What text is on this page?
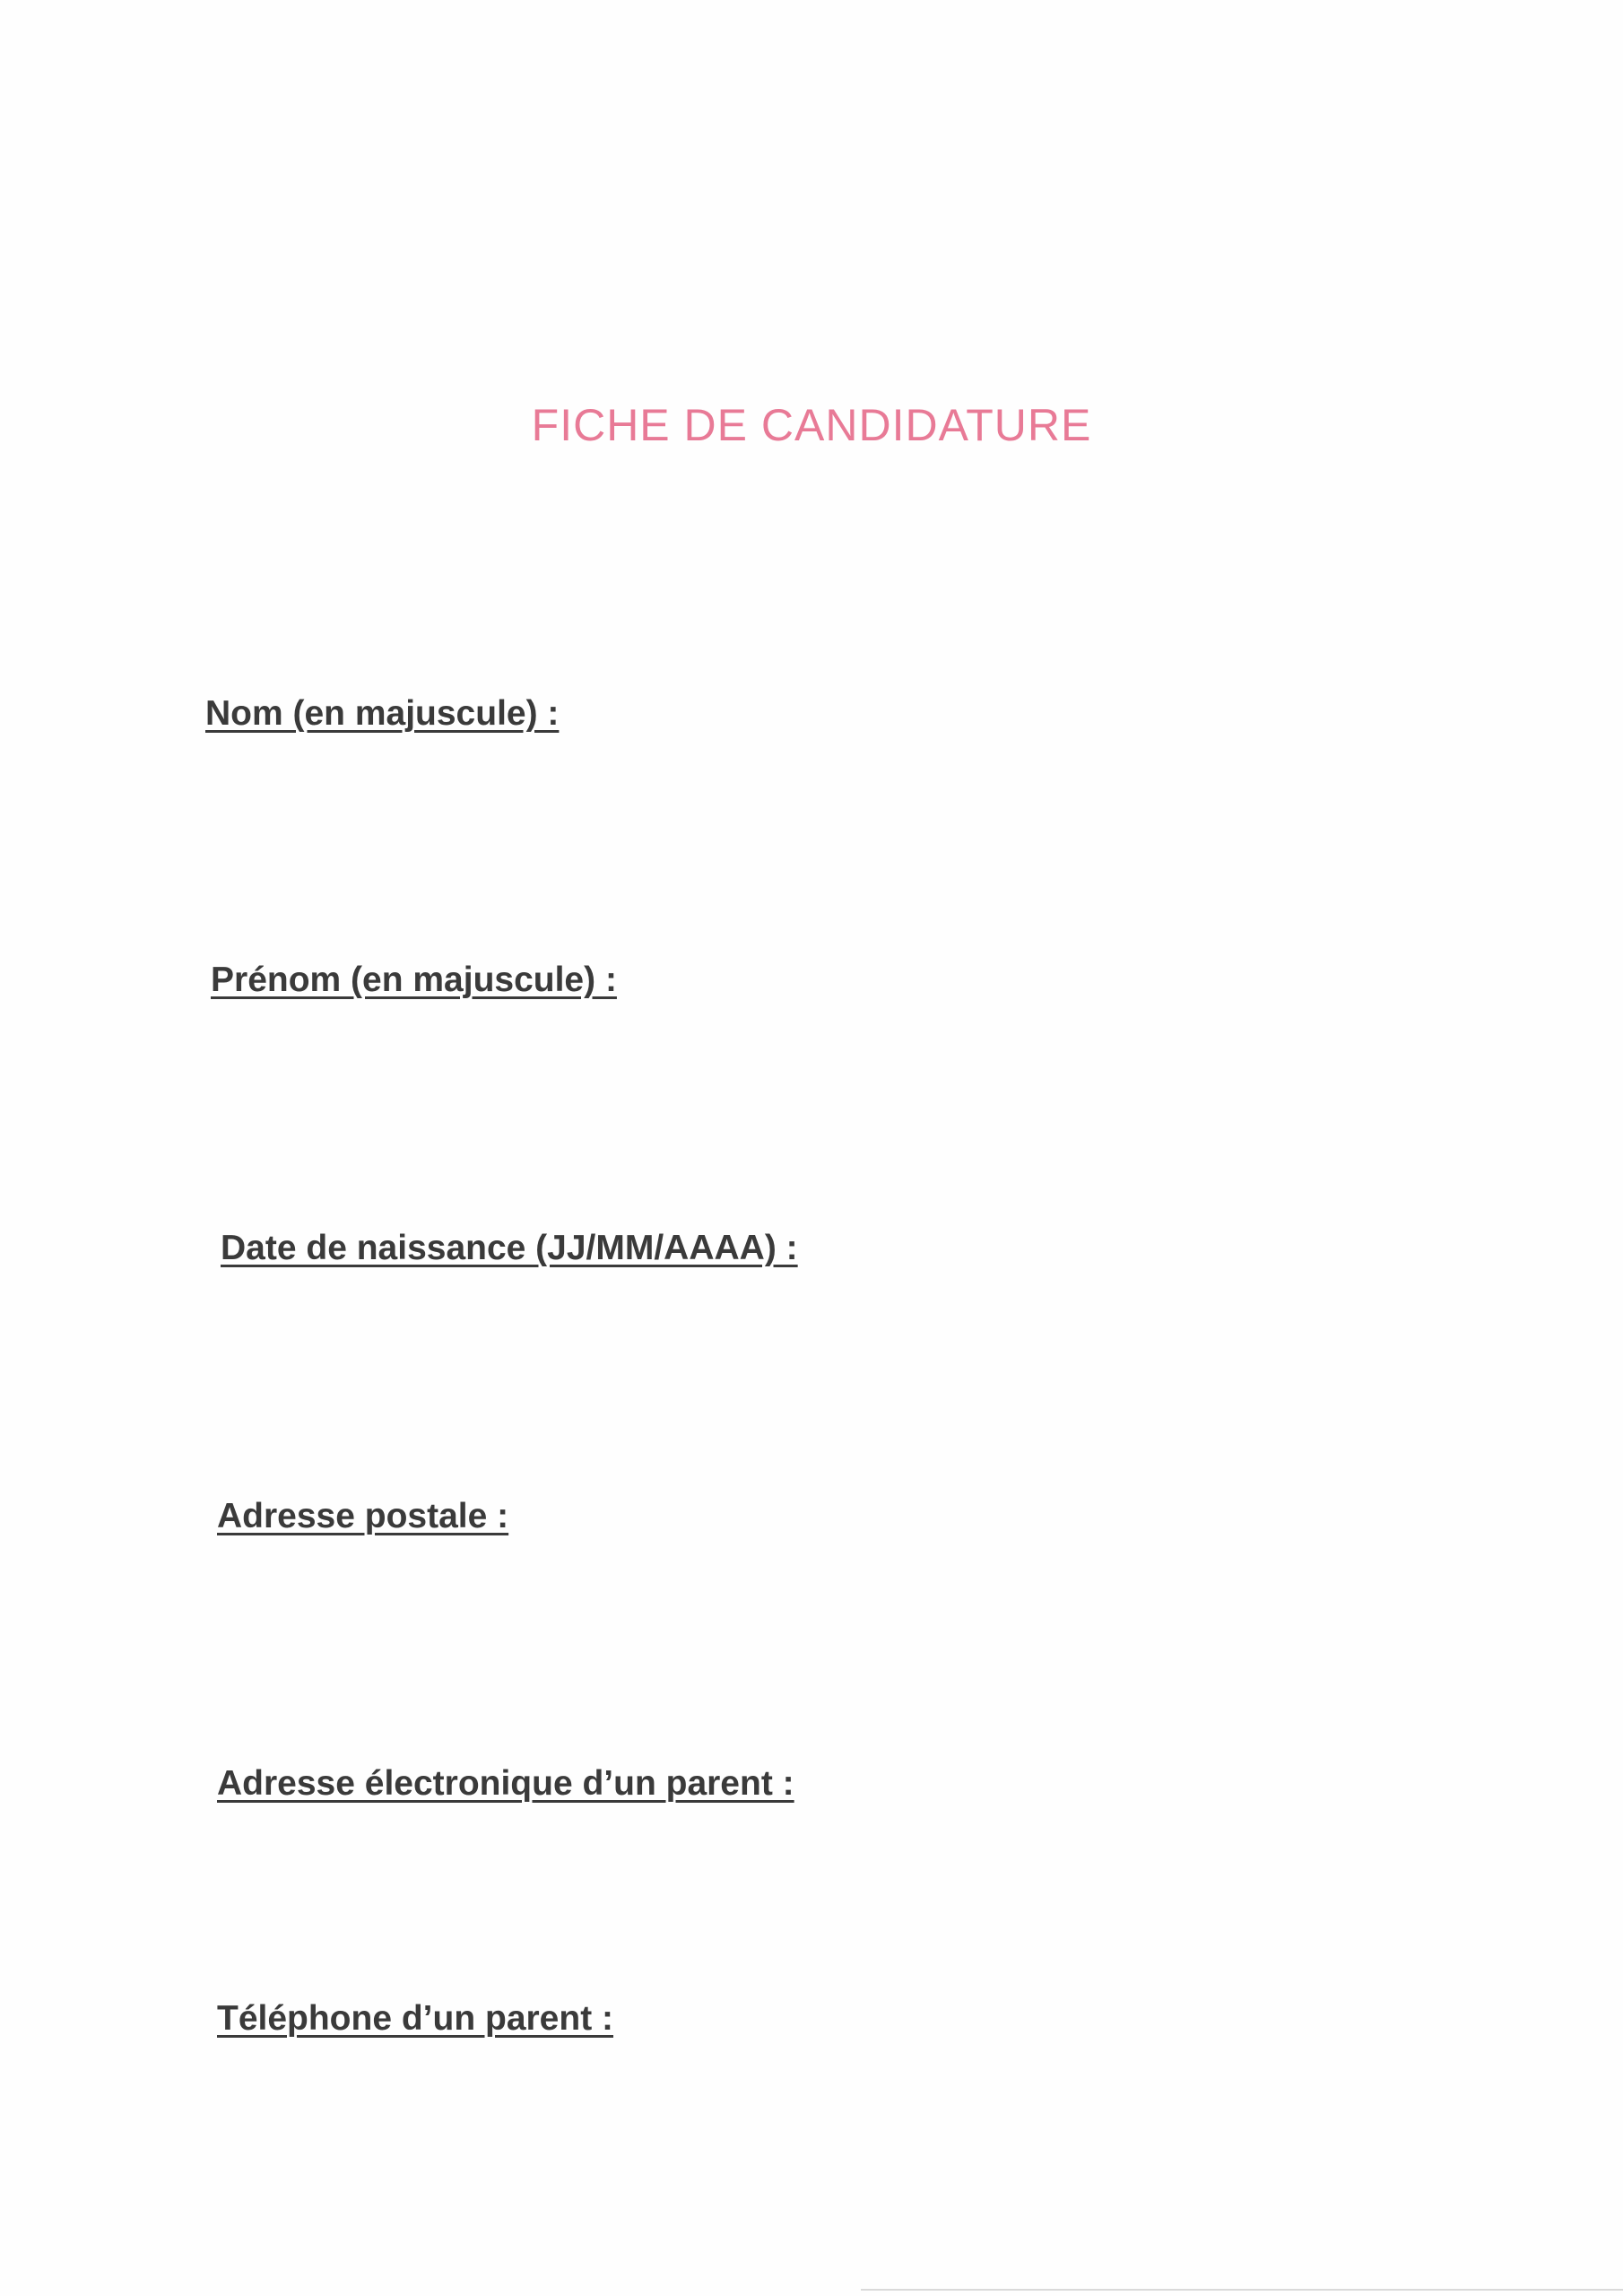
FICHE DE CANDIDATURE

Nom (en majuscule) :

Prénom (en majuscule) :

Date de naissance (JJ/MM/AAAA) :

Adresse postale :

Adresse électronique d’un parent :

Téléphone d’un parent :
